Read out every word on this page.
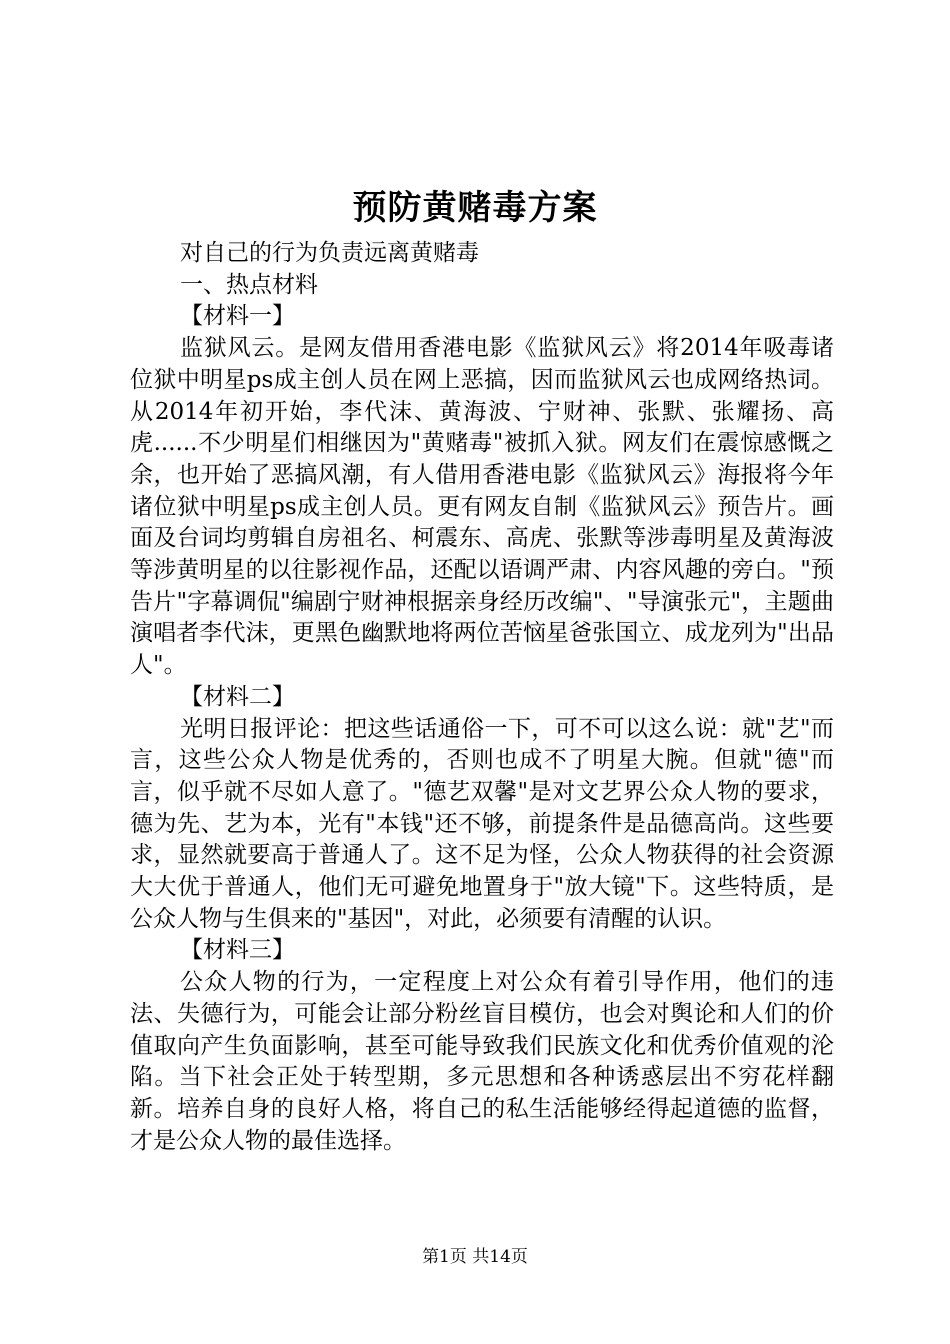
预防黄赌毒方案

对自己的行为负责远离黄赌毒

一、热点材料

【材料一】

监狱风云。是网友借用香港电影《监狱风云》将2014年吸毒诸位狱中明星ps成主创人员在网上恶搞，因而监狱风云也成网络热词。从2014年初开始，李代沫、黄海波、宁财神、张默、张耀扬、高虎......不少明星们相继因为"黄赌毒"被抓入狱。网友们在震惊感慨之余，也开始了恶搞风潮，有人借用香港电影《监狱风云》海报将今年诸位狱中明星ps成主创人员。更有网友自制《监狱风云》预告片。画面及台词均剪辑自房祖名、柯震东、高虎、张默等涉毒明星及黄海波等涉黄明星的以往影视作品，还配以语调严肃、内容风趣的旁白。"预告片"字幕调侃"编剧宁财神根据亲身经历改编"、"导演张元"，主题曲演唱者李代沫，更黑色幽默地将两位苦恼星爸张国立、成龙列为"出品人"。

【材料二】

光明日报评论：把这些话通俗一下，可不可以这么说：就"艺"而言，这些公众人物是优秀的，否则也成不了明星大腕。但就"德"而言，似乎就不尽如人意了。"德艺双馨"是对文艺界公众人物的要求，德为先、艺为本，光有"本钱"还不够，前提条件是品德高尚。这些要求，显然就要高于普通人了。这不足为怪，公众人物获得的社会资源大大优于普通人，他们无可避免地置身于"放大镜"下。这些特质，是公众人物与生俱来的"基因"，对此，必须要有清醒的认识。

【材料三】

公众人物的行为，一定程度上对公众有着引导作用，他们的违法、失德行为，可能会让部分粉丝盲目模仿，也会对舆论和人们的价值取向产生负面影响，甚至可能导致我们民族文化和优秀价值观的沦陷。当下社会正处于转型期，多元思想和各种诱惑层出不穷花样翻新。培养自身的良好人格，将自己的私生活能够经得起道德的监督，才是公众人物的最佳选择。

第1页 共14页
